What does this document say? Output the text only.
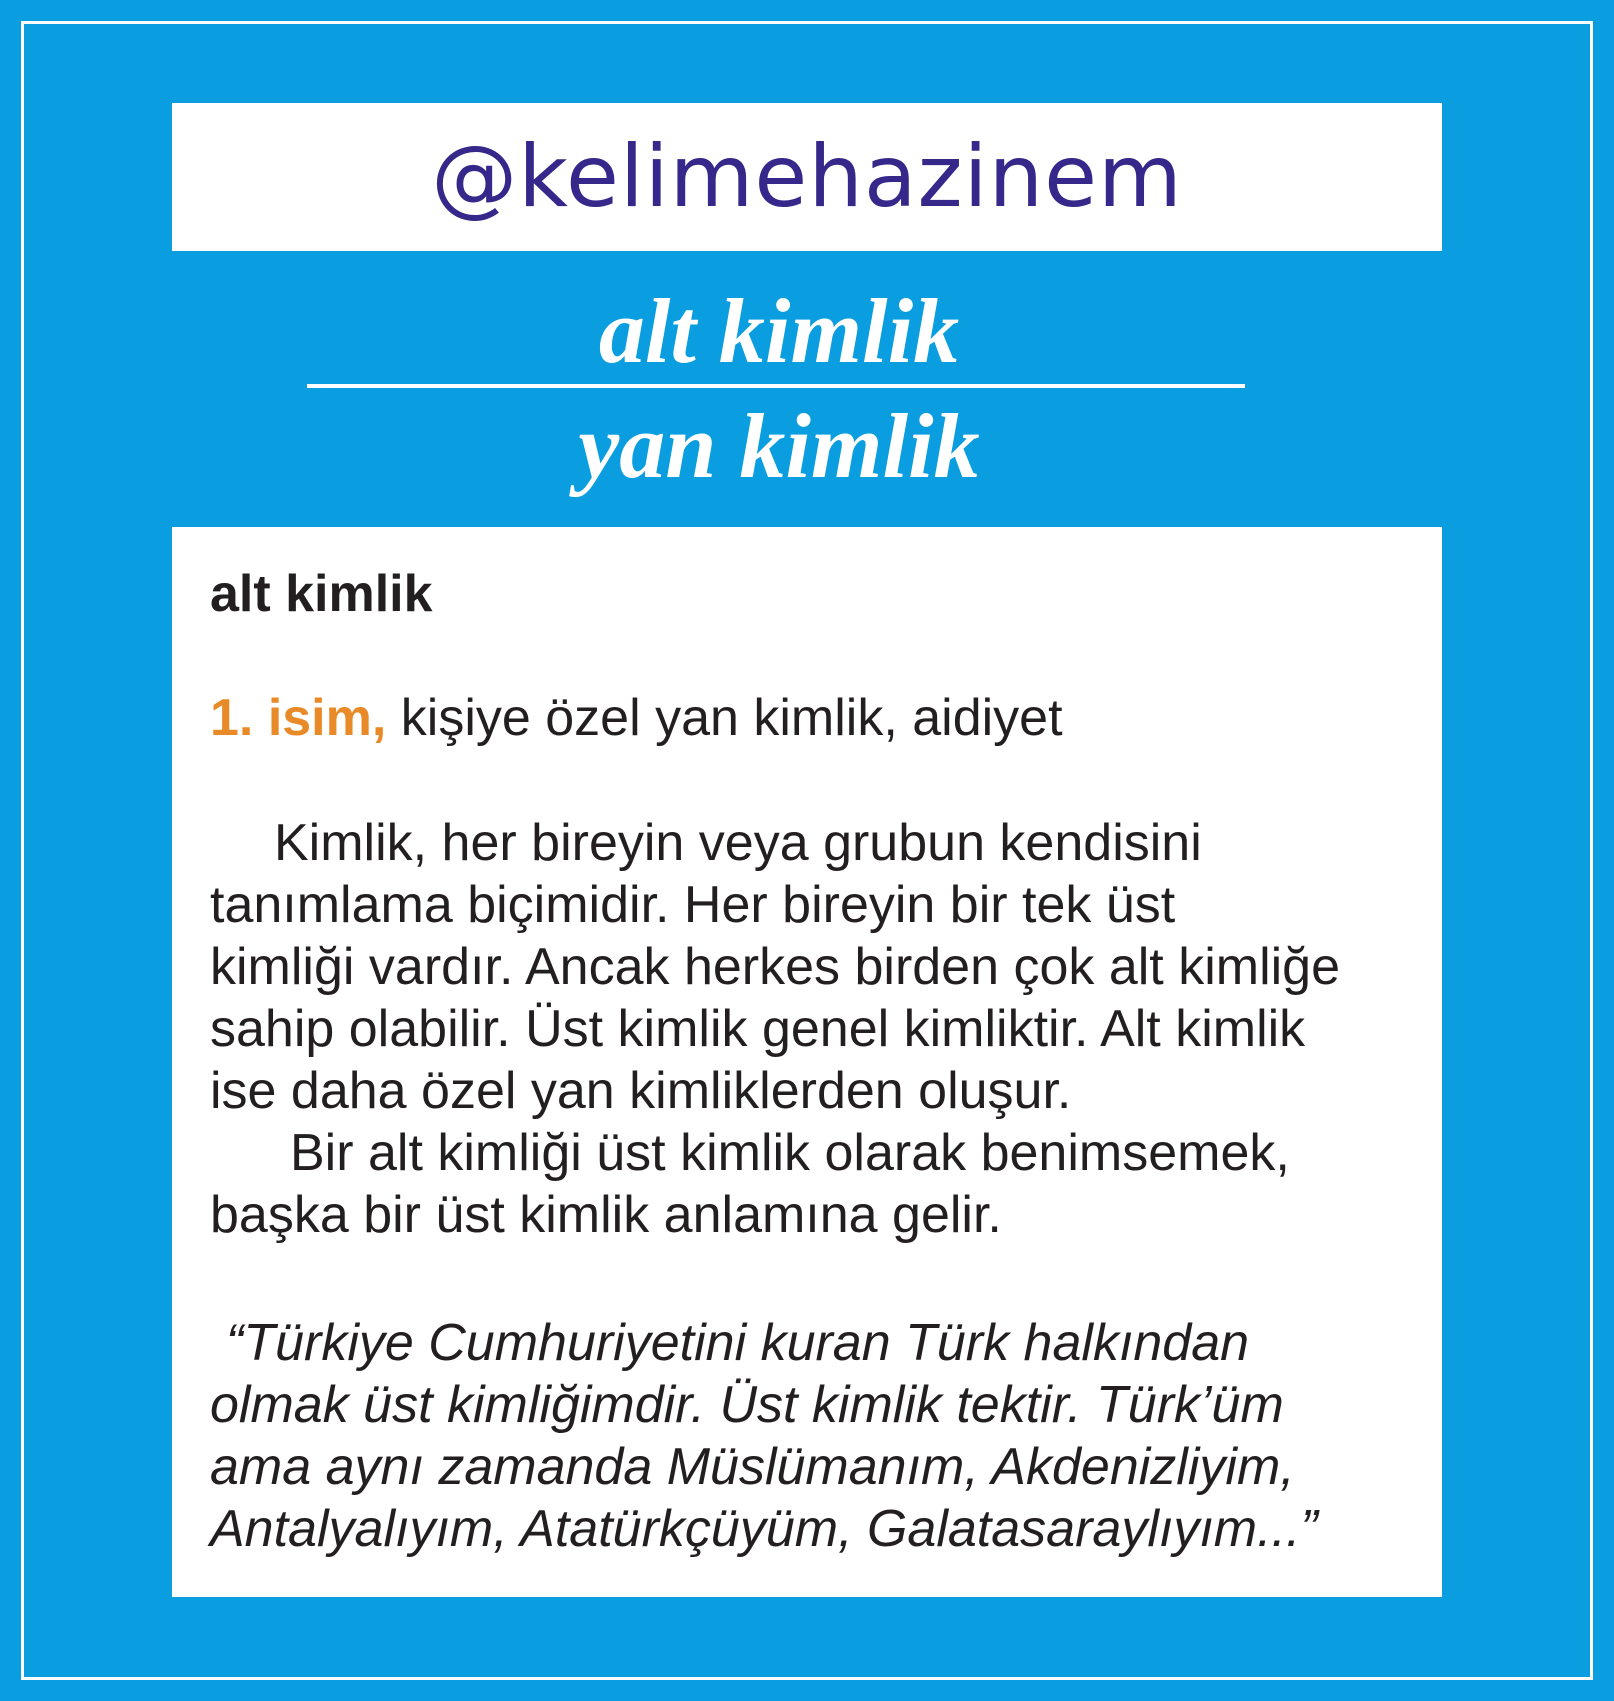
@kelimehazinem
alt kimlik
yan kimlik
alt kimlik
1. isim, kişiye özel yan kimlik, aidiyet
Kimlik, her bireyin veya grubun kendisini
tanımlama biçimidir. Her bireyin bir tek üst
kimliği vardır. Ancak herkes birden çok alt kimliğe
sahip olabilir. Üst kimlik genel kimliktir. Alt kimlik
ise daha özel yan kimliklerden oluşur.
Bir alt kimliği üst kimlik olarak benimsemek,
başka bir üst kimlik anlamına gelir.
“Türkiye Cumhuriyetini kuran Türk halkından
olmak üst kimliğimdir. Üst kimlik tektir. Türk’üm
ama aynı zamanda Müslümanım, Akdenizliyim,
Antalyalıyım, Atatürkçüyüm, Galatasaraylıyım...”
